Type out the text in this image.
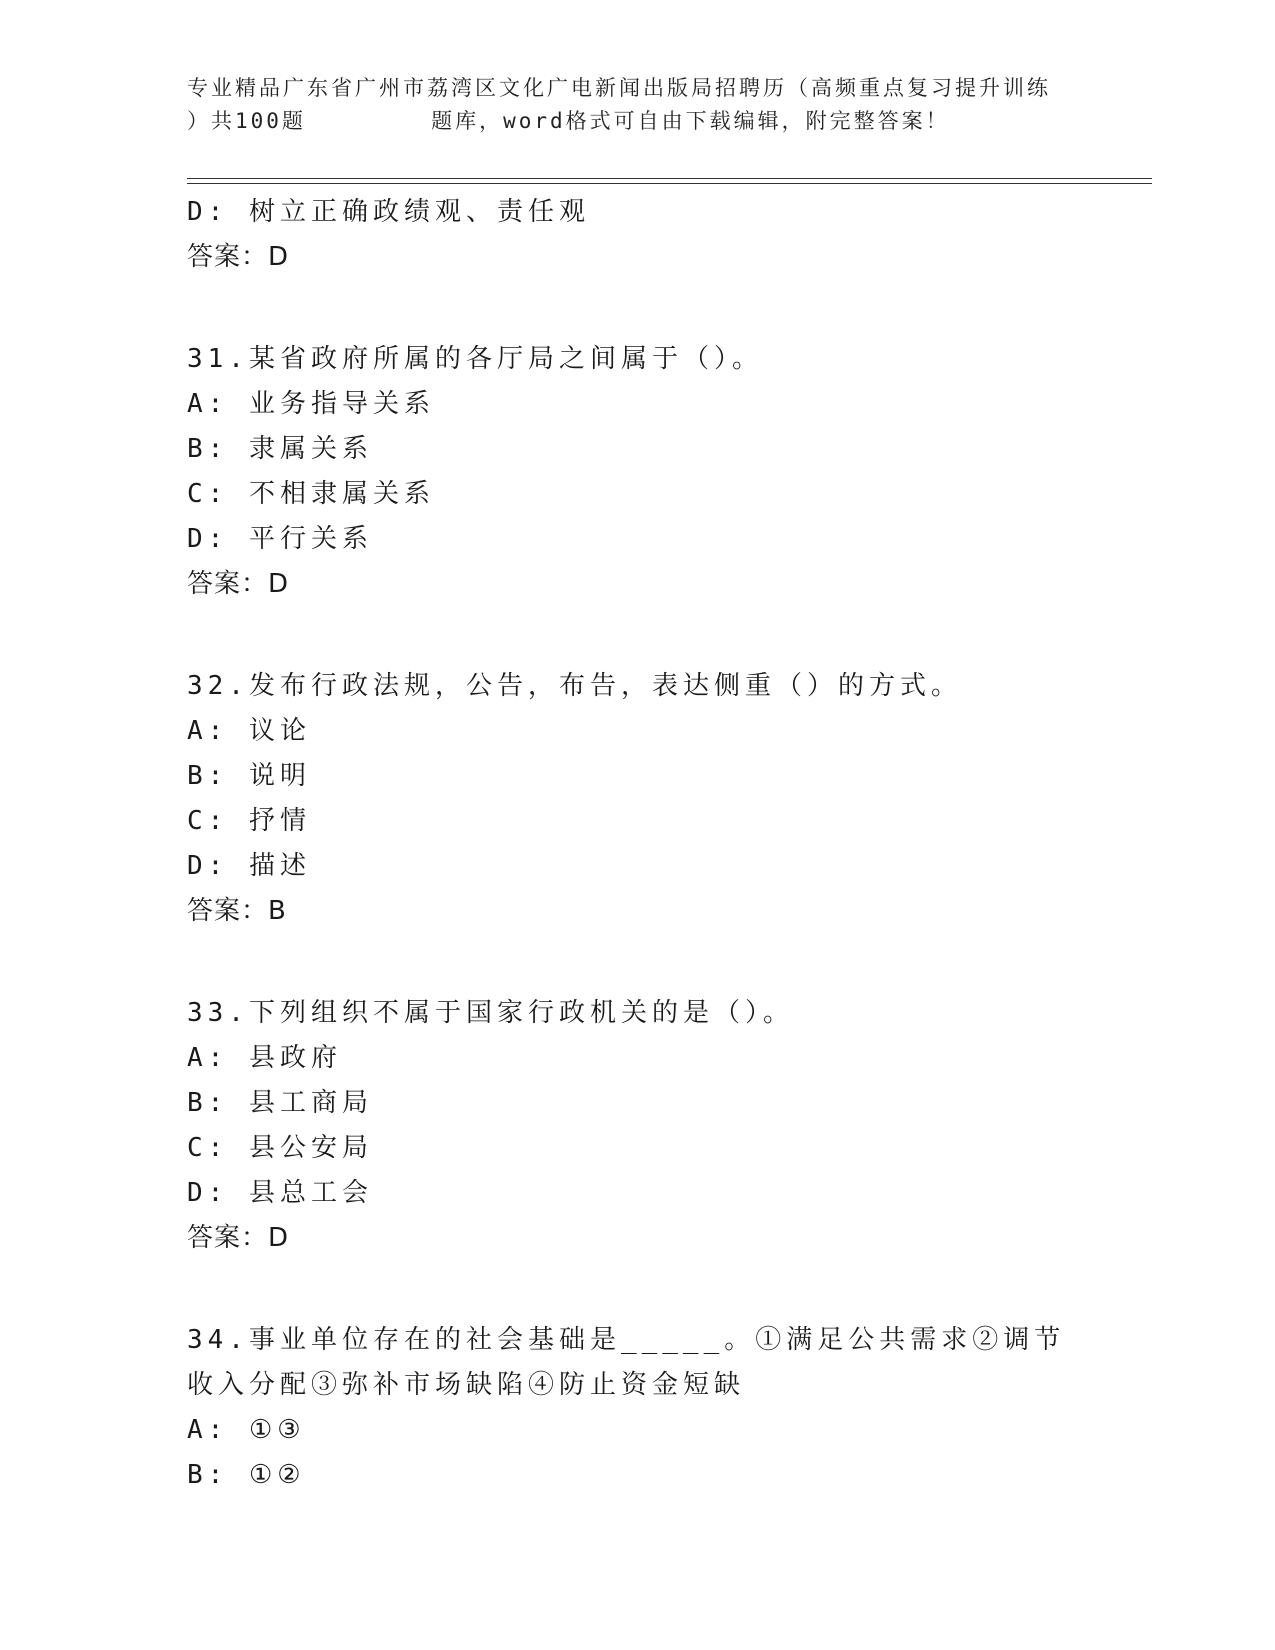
专业精品广东省广州市荔湾区文化广电新闻出版局招聘历（高频重点复习提升训练
）共100题        题库，word格式可自由下载编辑，附完整答案！
D: 树立正确政绩观、责任观
答案：D
31.某省政府所属的各厅局之间属于（）。
A: 业务指导关系
B: 隶属关系
C: 不相隶属关系
D: 平行关系
答案：D
32.发布行政法规，公告，布告，表达侧重（）的方式。
A: 议论
B: 说明
C: 抒情
D: 描述
答案：B
33.下列组织不属于国家行政机关的是（）。
A: 县政府
B: 县工商局
C: 县公安局
D: 县总工会
答案：D
34.事业单位存在的社会基础是_____。①满足公共需求②调节收入分配③弥补市场缺陷④防止资金短缺
A: ①③
B: ①②
